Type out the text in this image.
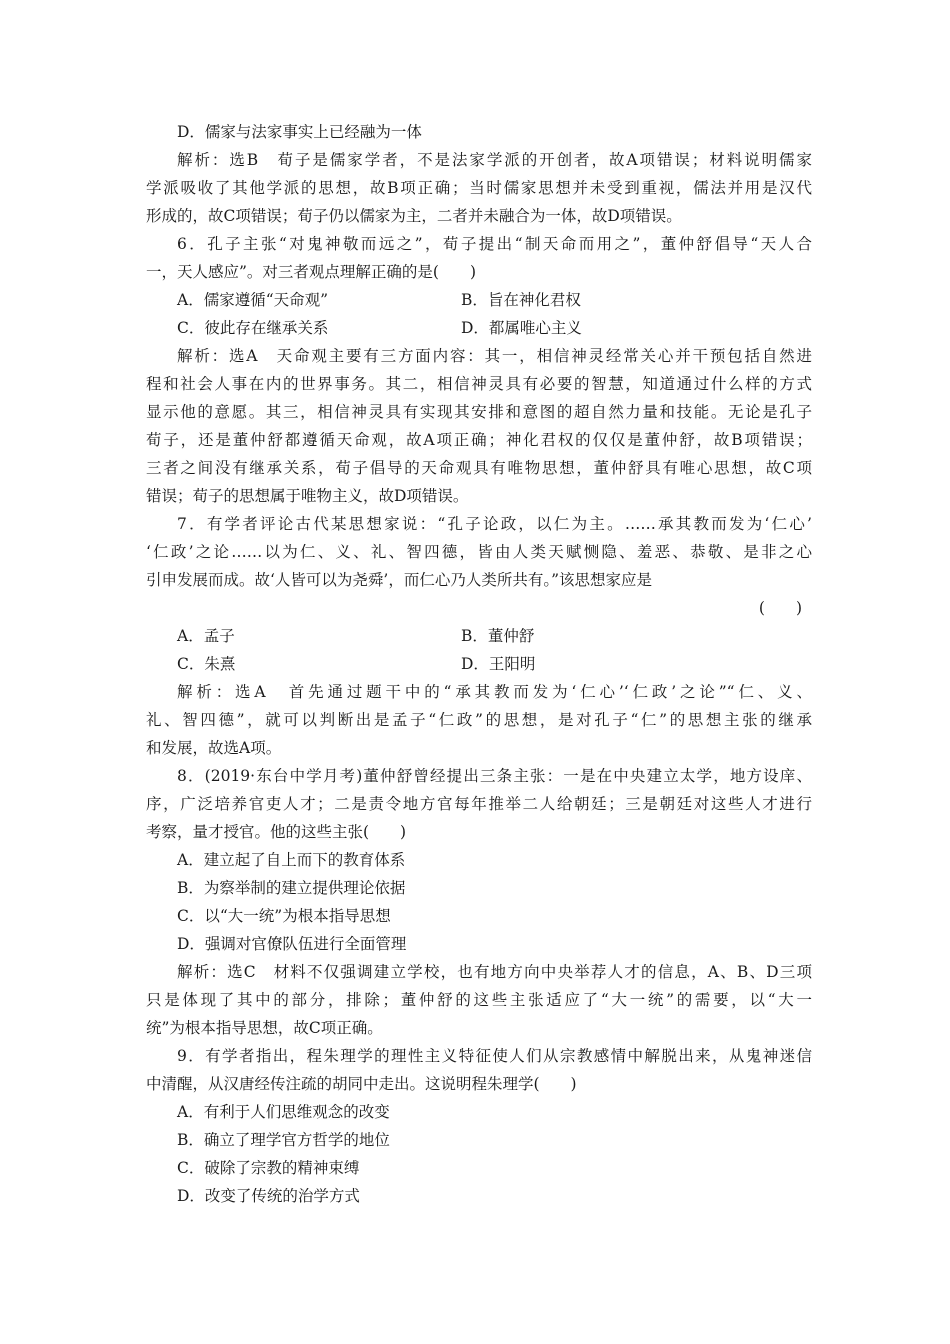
D．儒家与法家事实上已经融为一体
解析：选B　荀子是儒家学者，不是法家学派的开创者，故A项错误；材料说明儒家
学派吸收了其他学派的思想，故B项正确；当时儒家思想并未受到重视，儒法并用是汉代
形成的，故C项错误；荀子仍以儒家为主，二者并未融合为一体，故D项错误。
6．孔子主张“对鬼神敬而远之”，荀子提出“制天命而用之”，董仲舒倡导“天人合
一，天人感应”。对三者观点理解正确的是(　　)
A．儒家遵循“天命观”	B．旨在神化君权
C．彼此存在继承关系	D．都属唯心主义
解析：选A　天命观主要有三方面内容：其一，相信神灵经常关心并干预包括自然进
程和社会人事在内的世界事务。其二，相信神灵具有必要的智慧，知道通过什么样的方式
显示他的意愿。其三，相信神灵具有实现其安排和意图的超自然力量和技能。无论是孔子
荀子，还是董仲舒都遵循天命观，故A项正确；神化君权的仅仅是董仲舒，故B项错误；
三者之间没有继承关系，荀子倡导的天命观具有唯物思想，董仲舒具有唯心思想，故C项
错误；荀子的思想属于唯物主义，故D项错误。
7．有学者评论古代某思想家说：“孔子论政，以仁为主。……承其教而发为‘仁心’
‘仁政’之论……以为仁、义、礼、智四德，皆由人类天赋恻隐、羞恶、恭敬、是非之心
引申发展而成。故‘人皆可以为尧舜’，而仁心乃人类所共有。”该思想家应是
(　　)
A．孟子	B．董仲舒
C．朱熹	D．王阳明
解析：选A　首先通过题干中的“承其教而发为‘仁心’‘仁政’之论”“仁、义、
礼、智四德”，就可以判断出是孟子“仁政”的思想，是对孔子“仁”的思想主张的继承
和发展，故选A项。
8．(2019·东台中学月考)董仲舒曾经提出三条主张：一是在中央建立太学，地方设庠、
序，广泛培养官吏人才；二是责令地方官每年推举二人给朝廷；三是朝廷对这些人才进行
考察，量才授官。他的这些主张(　　)
A．建立起了自上而下的教育体系
B．为察举制的建立提供理论依据
C．以“大一统”为根本指导思想
D．强调对官僚队伍进行全面管理
解析：选C　材料不仅强调建立学校，也有地方向中央举荐人才的信息，A、B、D三项
只是体现了其中的部分，排除；董仲舒的这些主张适应了“大一统”的需要，以“大一
统”为根本指导思想，故C项正确。
9．有学者指出，程朱理学的理性主义特征使人们从宗教感情中解脱出来，从鬼神迷信
中清醒，从汉唐经传注疏的胡同中走出。这说明程朱理学(　　)
A．有利于人们思维观念的改变
B．确立了理学官方哲学的地位
C．破除了宗教的精神束缚
D．改变了传统的治学方式
